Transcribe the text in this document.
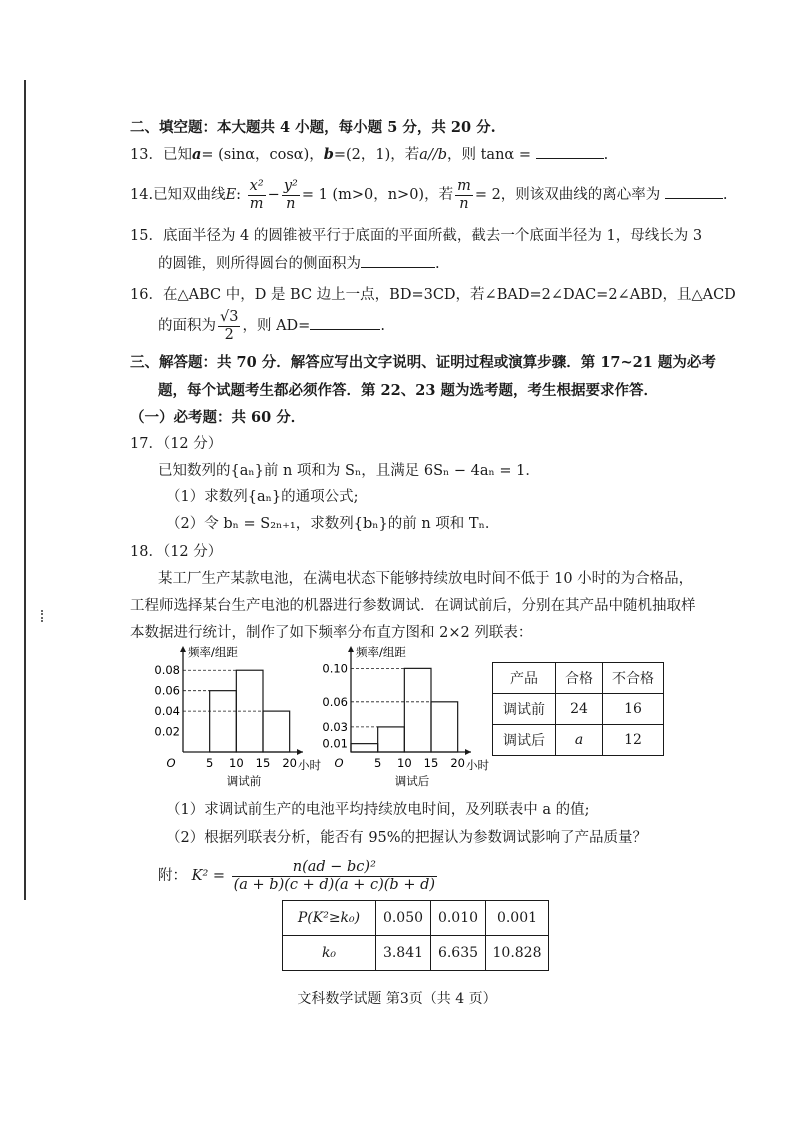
二、填空题：本大题共 4 小题，每小题 5 分，共 20 分.
13．已知a= (sinα，cosα)，b=(2，1)，若a//b，则 tanα =	.
14.已知双曲线E: $\frac{\text{x²}}{m} - \frac{\text{y²}}{n} = 1$ (m>0，n>0)，若 $\frac{m}{n} = 2$，则该双曲线的离心率为	.
15．底面半径为 4 的圆锥被平行于底面的平面所截，截去一个底面半径为 1，母线长为 3
的圆锥，则所得圆台的侧面积为	.
16．在△ABC 中，D 是 BC 边上一点，BD=3CD，若∠BAD=2∠DAC=2∠ABD，且△ACD
的面积为 $\frac{√3}{2}$ ，则 AD=	.
三、解答题：共 70 分．解答应写出文字说明、证明过程或演算步骤．第 17~21 题为必考
题，每个试题考生都必须作答．第 22、23 题为选考题，考生根据要求作答．
（一）必考题：共 60 分．
17．（12 分）
已知数列的{aₙ}前 n 项和为 Sₙ，且满足 6Sₙ − 4aₙ = 1．
（1）求数列{aₙ}的通项公式;
（2）令 bₙ = S₂ₙ₊₁，求数列{bₙ}的前 n 项和 Tₙ．
18．（12 分）
某工厂生产某款电池，在满电状态下能够持续放电时间不低于 10 小时的为合格品，
工程师选择某台生产电池的机器进行参数调试．在调试前后，分别在其产品中随机抽取样
本数据进行统计，制作了如下频率分布直方图和 2×2 列联表：
0.02
0.04
0.06
0.08
5 10 15 20
O	小时
频率/组距
调试前
0.01
0.03
0.06
0.10
5 10 15 20
O	小时
频率/组距
调试后
产品	合格	不合格
调试前	24	16
调试后	a	12
（1）求调试前生产的电池平均持续放电时间，及列联表中 a 的值;
（2）根据列联表分析，能否有 95%的把握认为参数调试影响了产品质量？
附： $K^2 = \frac{\text{n(ad − bc)²}}{(a + b)(c + d)(a + c)(b + d)}$
P(K²≥k₀)	0.050	0.010	0.001
k₀	3.841	6.635	10.828
文科数学试题 第3页（共 4 页）
